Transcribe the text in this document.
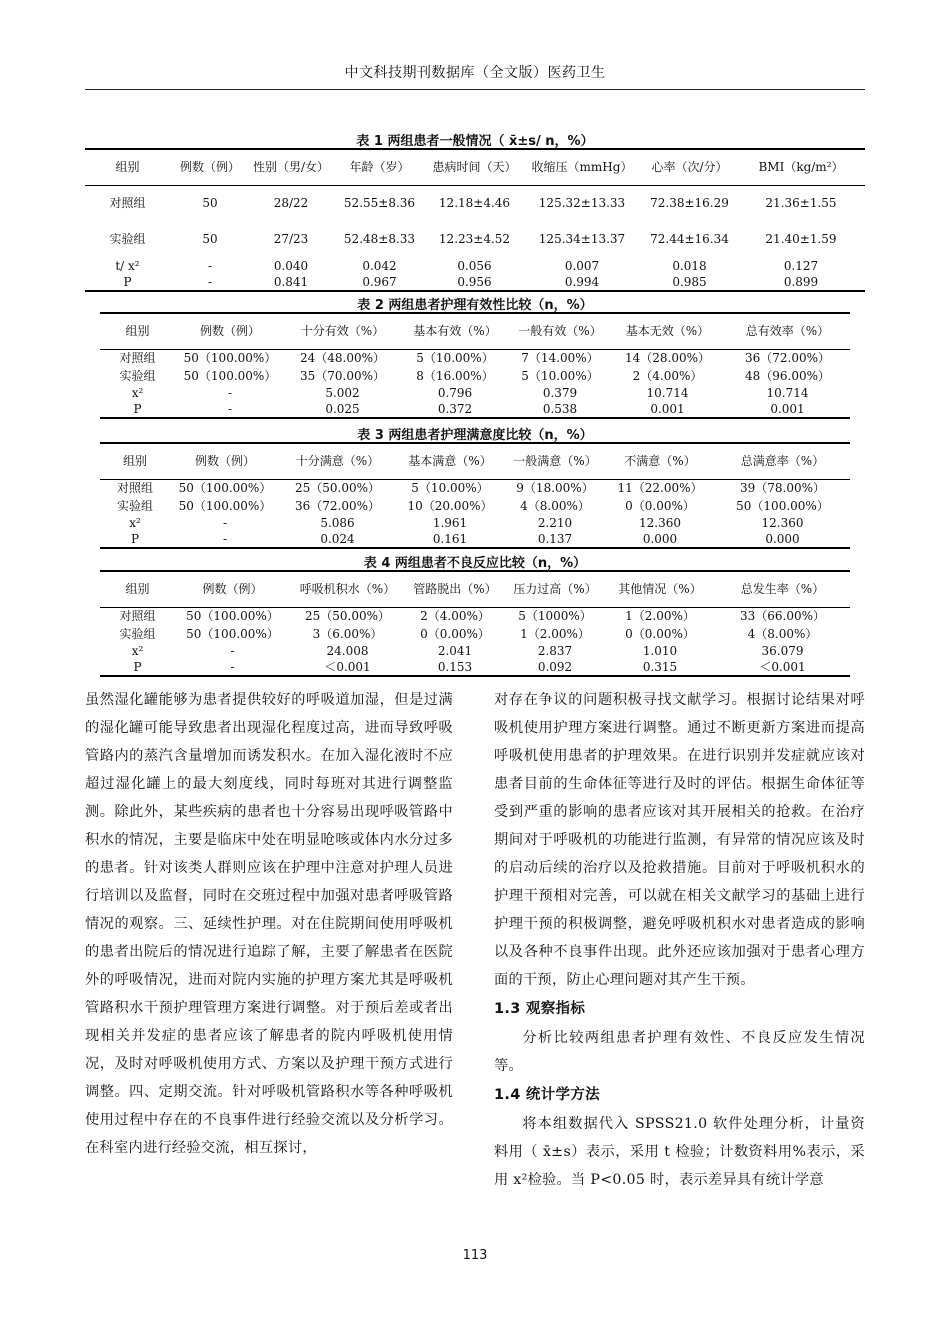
中文科技期刊数据库（全文版）医药卫生
表 1 两组患者一般情况（ x̄±s/ n，%）
组别	例数（例）	性别（男/女）	年龄（岁）	患病时间（天）	收缩压（mmHg）	心率（次/分）	BMI（kg/m²）
对照组	50	28/22	52.55±8.36	12.18±4.46	125.32±13.33	72.38±16.29	21.36±1.55
实验组	50	27/23	52.48±8.33	12.23±4.52	125.34±13.37	72.44±16.34	21.40±1.59
t/ x²	-	0.040	0.042	0.056	0.007	0.018	0.127
P	-	0.841	0.967	0.956	0.994	0.985	0.899
表 2 两组患者护理有效性比较（n，%）
组别	例数（例）	十分有效（%）	基本有效（%）	一般有效（%）	基本无效（%）	总有效率（%）
对照组	50（100.00%）	24（48.00%）	5（10.00%）	7（14.00%）	14（28.00%）	36（72.00%）
实验组	50（100.00%）	35（70.00%）	8（16.00%）	5（10.00%）	2（4.00%）	48（96.00%）
x²	-	5.002	0.796	0.379	10.714	10.714
P	-	0.025	0.372	0.538	0.001	0.001
表 3 两组患者护理满意度比较（n，%）
组别	例数（例）	十分满意（%）	基本满意（%）	一般满意（%）	不满意（%）	总满意率（%）
对照组	50（100.00%）	25（50.00%）	5（10.00%）	9（18.00%）	11（22.00%）	39（78.00%）
实验组	50（100.00%）	36（72.00%）	10（20.00%）	4（8.00%）	0（0.00%）	50（100.00%）
x²	-	5.086	1.961	2.210	12.360	12.360
P	-	0.024	0.161	0.137	0.000	0.000
表 4 两组患者不良反应比较（n，%）
组别	例数（例）	呼吸机积水（%）	管路脱出（%）	压力过高（%）	其他情况（%）	总发生率（%）
对照组	50（100.00%）	25（50.00%）	2（4.00%）	5（1000%）	1（2.00%）	33（66.00%）
实验组	50（100.00%）	3（6.00%）	0（0.00%）	1（2.00%）	0（0.00%）	4（8.00%）
x²	-	24.008	2.041	2.837	1.010	36.079
P	-	＜0.001	0.153	0.092	0.315	＜0.001

虽然湿化罐能够为患者提供较好的呼吸道加湿，但是过满的湿化罐可能导致患者出现湿化程度过高，进而导致呼吸管路内的蒸汽含量增加而诱发积水。在加入湿化液时不应超过湿化罐上的最大刻度线，同时每班对其进行调整监测。除此外，某些疾病的患者也十分容易出现呼吸管路中积水的情况，主要是临床中处在明显呛咳或体内水分过多的患者。针对该类人群则应该在护理中注意对护理人员进行培训以及监督，同时在交班过程中加强对患者呼吸管路情况的观察。三、延续性护理。对在住院期间使用呼吸机的患者出院后的情况进行追踪了解，主要了解患者在医院外的呼吸情况，进而对院内实施的护理方案尤其是呼吸机管路积水干预护理管理方案进行调整。对于预后差或者出现相关并发症的患者应该了解患者的院内呼吸机使用情况，及时对呼吸机使用方式、方案以及护理干预方式进行调整。四、定期交流。针对呼吸机管路积水等各种呼吸机使用过程中存在的不良事件进行经验交流以及分析学习。在科室内进行经验交流，相互探讨，

对存在争议的问题积极寻找文献学习。根据讨论结果对呼吸机使用护理方案进行调整。通过不断更新方案进而提高呼吸机使用患者的护理效果。在进行识别并发症就应该对患者目前的生命体征等进行及时的评估。根据生命体征等受到严重的影响的患者应该对其开展相关的抢救。在治疗期间对于呼吸机的功能进行监测，有异常的情况应该及时的启动后续的治疗以及抢救措施。目前对于呼吸机积水的护理干预相对完善，可以就在相关文献学习的基础上进行护理干预的积极调整，避免呼吸机积水对患者造成的影响以及各种不良事件出现。此外还应该加强对于患者心理方面的干预，防止心理问题对其产生干预。

1.3 观察指标

分析比较两组患者护理有效性、不良反应发生情况等。

1.4 统计学方法

将本组数据代入 SPSS21.0 软件处理分析，计量资料用（ x̄±s）表示，采用 t 检验；计数资料用%表示，采用 x²检验。当 P<0.05 时，表示差异具有统计学意

113
